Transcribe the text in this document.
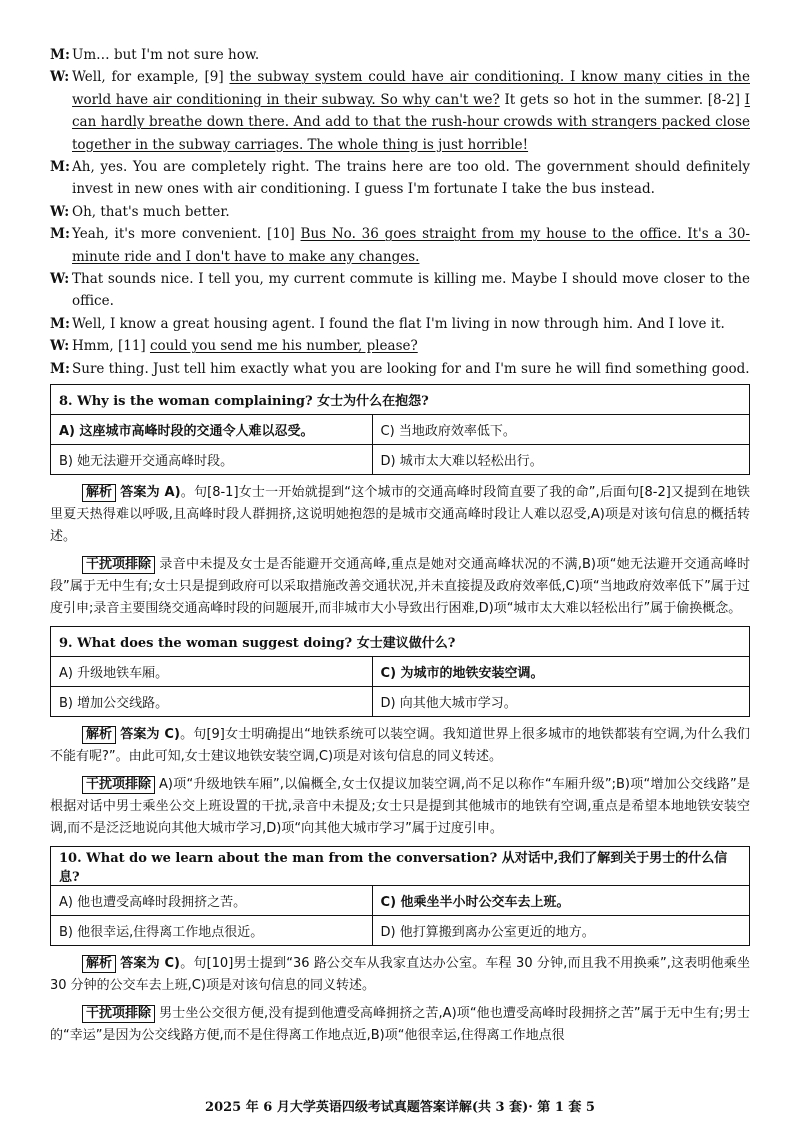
M: Um… but I'm not sure how.
W: Well, for example, [9] the subway system could have air conditioning. I know many cities in the world have air conditioning in their subway. So why can't we? It gets so hot in the summer. [8-2] I can hardly breathe down there. And add to that the rush-hour crowds with strangers packed close together in the subway carriages. The whole thing is just horrible!
M: Ah, yes. You are completely right. The trains here are too old. The government should definitely invest in new ones with air conditioning. I guess I'm fortunate I take the bus instead.
W: Oh, that's much better.
M: Yeah, it's more convenient. [10] Bus No. 36 goes straight from my house to the office. It's a 30-minute ride and I don't have to make any changes.
W: That sounds nice. I tell you, my current commute is killing me. Maybe I should move closer to the office.
M: Well, I know a great housing agent. I found the flat I'm living in now through him. And I love it.
W: Hmm, [11] could you send me his number, please?
M: Sure thing. Just tell him exactly what you are looking for and I'm sure he will find something good.
8. Why is the woman complaining? 女士为什么在抱怨?	
A) 这座城市高峰时段的交通令人难以忍受。	C) 当地政府效率低下。
B) 她无法避开交通高峰时段。	D) 城市太大难以轻松出行。

解析 答案为 A)。句[8-1]女士一开始就提到“这个城市的交通高峰时段简直要了我的命”,后面句[8-2]又提到在地铁里夏天热得难以呼吸,且高峰时段人群拥挤,这说明她抱怨的是城市交通高峰时段让人难以忍受,A)项是对该句信息的概括转述。

干扰项排除 录音中未提及女士是否能避开交通高峰,重点是她对交通高峰状况的不满,B)项“她无法避开交通高峰时段”属于无中生有;女士只是提到政府可以采取措施改善交通状况,并未直接提及政府效率低,C)项“当地政府效率低下”属于过度引申;录音主要围绕交通高峰时段的问题展开,而非城市大小导致出行困难,D)项“城市太大难以轻松出行”属于偷换概念。

9. What does the woman suggest doing? 女士建议做什么?	
A) 升级地铁车厢。	C) 为城市的地铁安装空调。
B) 增加公交线路。	D) 向其他大城市学习。

解析 答案为 C)。句[9]女士明确提出“地铁系统可以装空调。我知道世界上很多城市的地铁都装有空调,为什么我们不能有呢?”。由此可知,女士建议地铁安装空调,C)项是对该句信息的同义转述。

干扰项排除 A)项“升级地铁车厢”,以偏概全,女士仅提议加装空调,尚不足以称作“车厢升级”;B)项“增加公交线路”是根据对话中男士乘坐公交上班设置的干扰,录音中未提及;女士只是提到其他城市的地铁有空调,重点是希望本地地铁安装空调,而不是泛泛地说向其他大城市学习,D)项“向其他大城市学习”属于过度引申。

10. What do we learn about the man from the conversation? 从对话中,我们了解到关于男士的什么信息?	
A) 他也遭受高峰时段拥挤之苦。	C) 他乘坐半小时公交车去上班。
B) 他很幸运,住得离工作地点很近。	D) 他打算搬到离办公室更近的地方。

解析 答案为 C)。句[10]男士提到“36 路公交车从我家直达办公室。车程 30 分钟,而且我不用换乘”,这表明他乘坐 30 分钟的公交车去上班,C)项是对该句信息的同义转述。

干扰项排除 男士坐公交很方便,没有提到他遭受高峰拥挤之苦,A)项“他也遭受高峰时段拥挤之苦”属于无中生有;男士的“幸运”是因为公交线路方便,而不是住得离工作地点近,B)项“他很幸运,住得离工作地点很

2025 年 6 月大学英语四级考试真题答案详解(共 3 套)· 第 1 套 5
